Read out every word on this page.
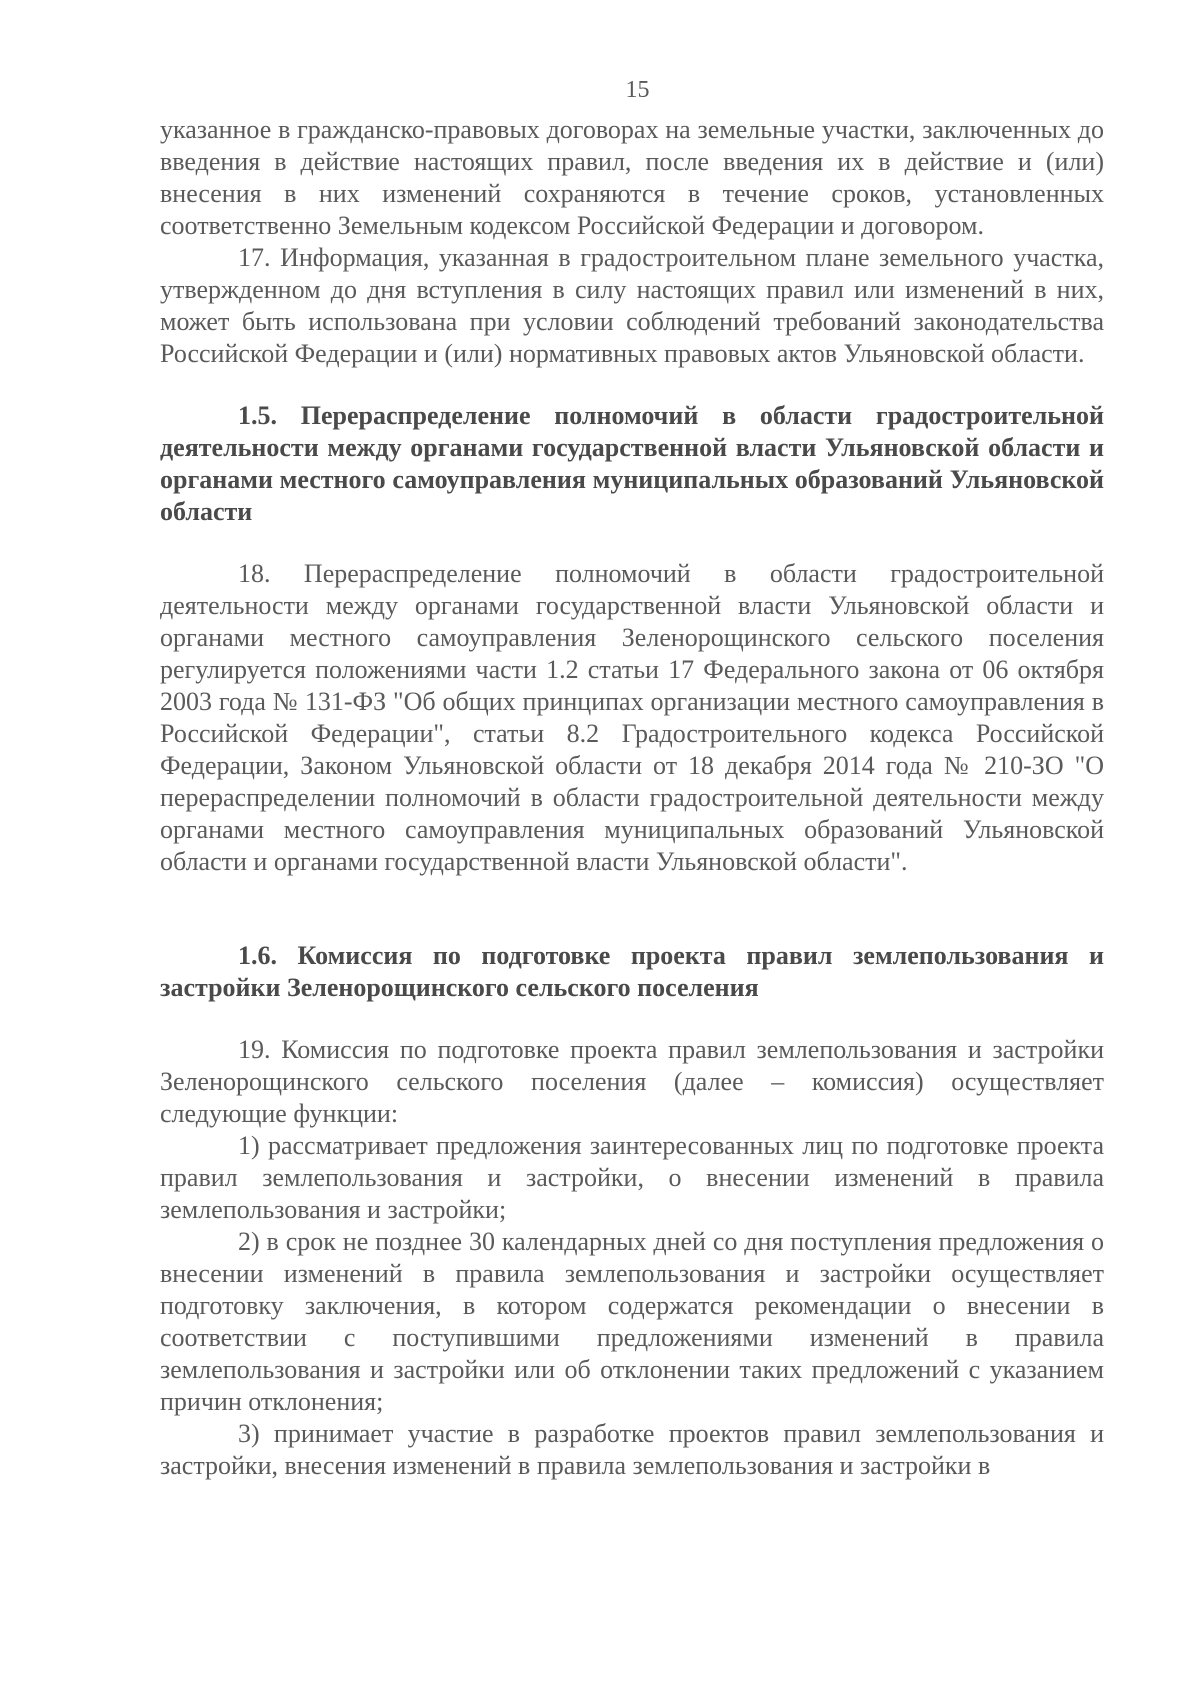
15

указанное в гражданско-правовых договорах на земельные участки, заключенных до введения в действие настоящих правил, после введения их в действие и (или) внесения в них изменений сохраняются в течение сроков, установленных соответственно Земельным кодексом Российской Федерации и договором.

17. Информация, указанная в градостроительном плане земельного участка, утвержденном до дня вступления в силу настоящих правил или изменений в них, может быть использована при условии соблюдений требований законодательства Российской Федерации и (или) нормативных правовых актов Ульяновской области.

1.5. Перераспределение полномочий в области градостроительной деятельности между органами государственной власти Ульяновской области и органами местного самоуправления муниципальных образований Ульяновской области

18. Перераспределение полномочий в области градостроительной деятельности между органами государственной власти Ульяновской области и органами местного самоуправления Зеленорощинского сельского поселения регулируется положениями части 1.2 статьи 17 Федерального закона от 06 октября 2003 года № 131-ФЗ "Об общих принципах организации местного самоуправления в Российской Федерации", статьи 8.2 Градостроительного кодекса Российской Федерации, Законом Ульяновской области от 18 декабря 2014 года № 210-ЗО "О перераспределении полномочий в области градостроительной деятельности между органами местного самоуправления муниципальных образований Ульяновской области и органами государственной власти Ульяновской области".

1.6. Комиссия по подготовке проекта правил землепользования и застройки Зеленорощинского сельского поселения

19. Комиссия по подготовке проекта правил землепользования и застройки Зеленорощинского сельского поселения (далее – комиссия) осуществляет следующие функции:

1) рассматривает предложения заинтересованных лиц по подготовке проекта правил землепользования и застройки, о внесении изменений в правила землепользования и застройки;

2) в срок не позднее 30 календарных дней со дня поступления предложения о внесении изменений в правила землепользования и застройки осуществляет подготовку заключения, в котором содержатся рекомендации о внесении в соответствии с поступившими предложениями изменений в правила землепользования и застройки или об отклонении таких предложений с указанием причин отклонения;

3) принимает участие в разработке проектов правил землепользования и застройки, внесения изменений в правила землепользования и застройки в
